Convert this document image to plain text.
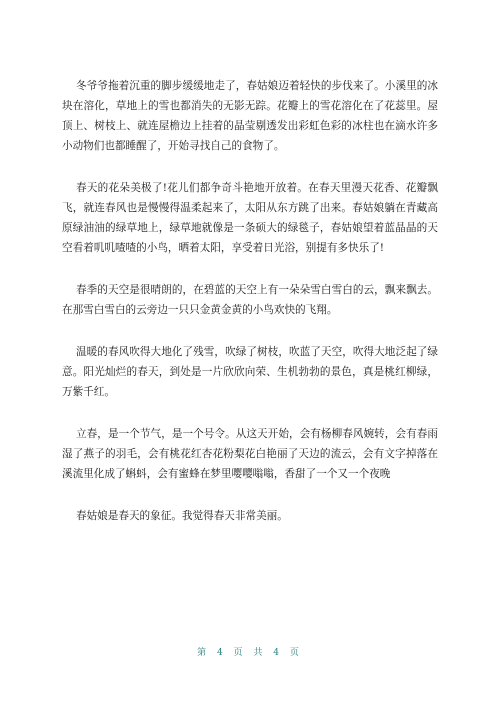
冬爷爷拖着沉重的脚步缓缓地走了，春姑娘迈着轻快的步伐来了。小溪里的冰块在溶化，草地上的雪也都消失的无影无踪。花瓣上的雪花溶化在了花蕊里。屋顶上、树枝上、就连屋檐边上挂着的晶莹剔透发出彩虹色彩的冰柱也在滴水许多小动物们也都睡醒了，开始寻找自己的食物了。

春天的花朵美极了!花儿们都争奇斗艳地开放着。在春天里漫天花香、花瓣飘飞，就连春风也是慢慢得温柔起来了，太阳从东方跳了出来。春姑娘躺在青藏高原绿油油的绿草地上，绿草地就像是一条硕大的绿毯子，春姑娘望着蓝晶晶的天空看着叽叽喳喳的小鸟，晒着太阳，享受着日光浴，别提有多快乐了!

春季的天空是很晴朗的，在碧蓝的天空上有一朵朵雪白雪白的云，飘来飘去。在那雪白雪白的云旁边一只只金黄金黄的小鸟欢快的飞翔。

温暖的春风吹得大地化了残雪，吹绿了树枝，吹蓝了天空，吹得大地泛起了绿意。阳光灿烂的春天，到处是一片欣欣向荣、生机勃勃的景色，真是桃红柳绿，万紫千红。

立春，是一个节气，是一个号令。从这天开始，会有杨柳春风婉转，会有春雨湿了燕子的羽毛，会有桃花红杏花粉梨花白艳丽了天边的流云，会有文字掉落在溪流里化成了蝌蚪，会有蜜蜂在梦里嘤嘤嗡嗡，香甜了一个又一个夜晚

春姑娘是春天的象征。我觉得春天非常美丽。

第 4 页 共 4 页
